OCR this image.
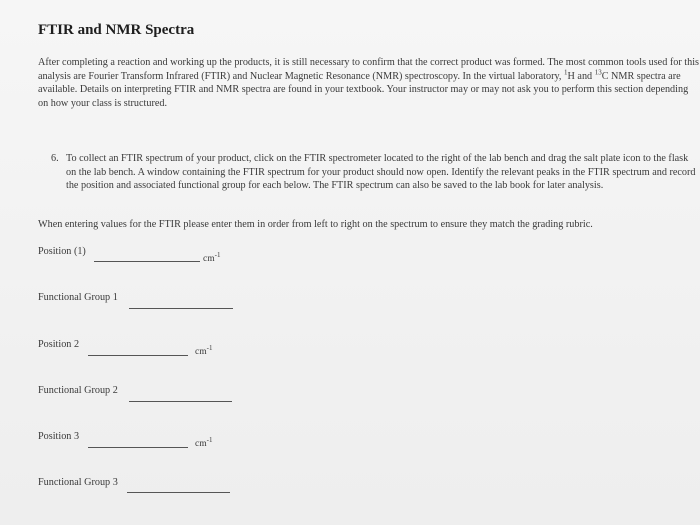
FTIR and NMR Spectra
After completing a reaction and working up the products, it is still necessary to confirm that the correct product was formed. The most common tools used for this analysis are Fourier Transform Infrared (FTIR) and Nuclear Magnetic Resonance (NMR) spectroscopy. In the virtual laboratory, $^1$H and $^{13}$C NMR spectra are available. Details on interpreting FTIR and NMR spectra are found in your textbook. Your instructor may or may not ask you to perform this section depending on how your class is structured.
6. To collect an FTIR spectrum of your product, click on the FTIR spectrometer located to the right of the lab bench and drag the salt plate icon to the flask on the lab bench. A window containing the FTIR spectrum for your product should now open. Identify the relevant peaks in the FTIR spectrum and record the position and associated functional group for each below. The FTIR spectrum can also be saved to the lab book for later analysis.
When entering values for the FTIR please enter them in order from left to right on the spectrum to ensure they match the grading rubric.
Position (1)
$cm^{-1}$
Functional Group 1
Position 2
$cm^{-1}$
Functional Group 2
Position 3
$cm^{-1}$
Functional Group 3
